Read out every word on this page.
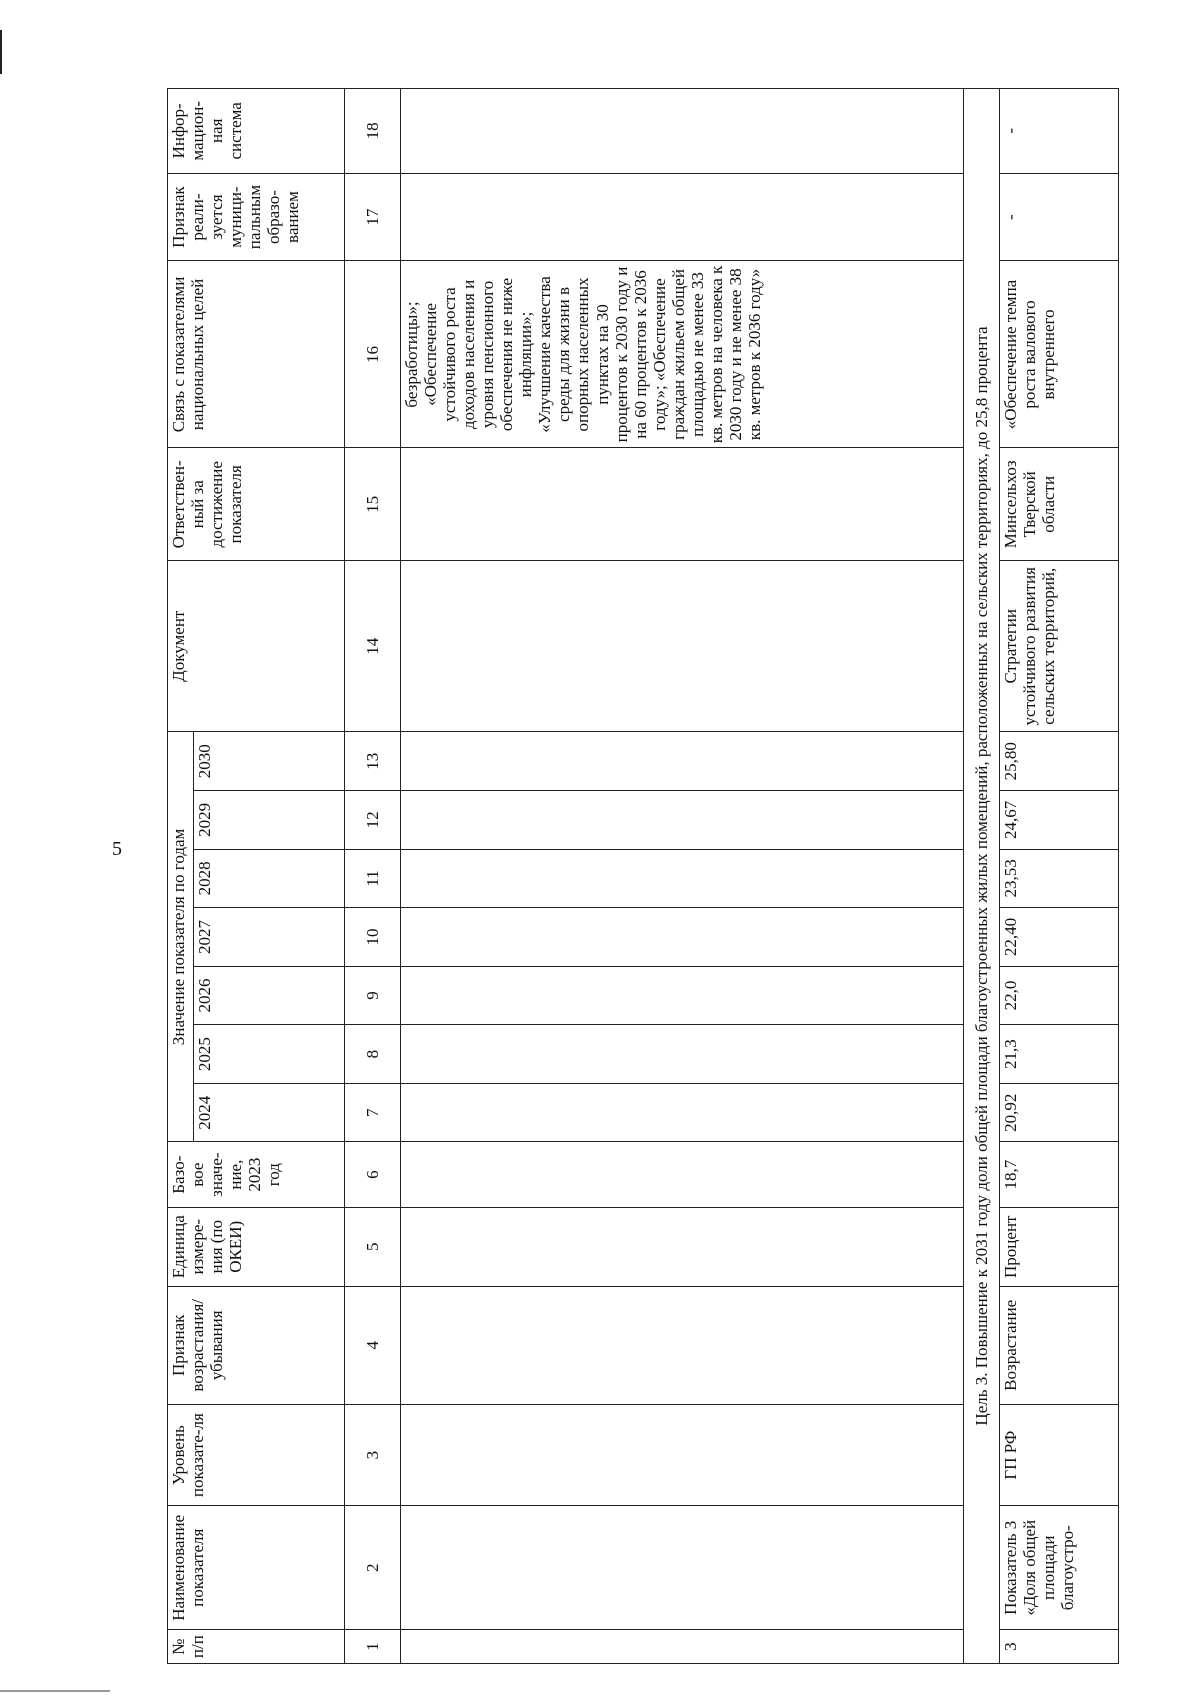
5
№ п/п	Наименование показателя	Уровень показате-ля	Признак возрастания/ убывания	Единица измере-ния (по ОКЕИ)	Базо-вое значе-ние, 2023 год	Значение показателя по годам							Документ	Ответствен-ный за достижение показателя	Связь с показателями национальных целей	Признак реали-зуется муници-пальным образо-ванием	Инфор-мацион-ная система
						2024	2025	2026	2027	2028	2029	2030					
1	2	3	4	5	6	7	8	9	10	11	12	13	14	15	16	17	18
															безработицы»; «Обеспечение устойчивого роста доходов населения и уровня пенсионного обеспечения не ниже инфляции»; «Улучшение качества среды для жизни в опорных населенных пунктах на 30 процентов к 2030 году и на 60 процентов к 2036 году»; «Обеспечение граждан жильем общей площадью не менее 33 кв. метров на человека к 2030 году и не менее 38 кв. метров к 2036 году»		
Цель 3. Повышение к 2031 году доли общей площади благоустроенных жилых помещений, расположенных на сельских территориях, до 25,8 процента																	
3	Показатель 3 «Доля общей площади благоустро-	ГП РФ	Возрастание	Процент	18,7	20,92	21,3	22,0	22,40	23,53	24,67	25,80	Стратегии устойчивого развития сельских территорий,	Минсельхоз Тверской области	«Обеспечение темпа роста валового внутреннего	-	-
